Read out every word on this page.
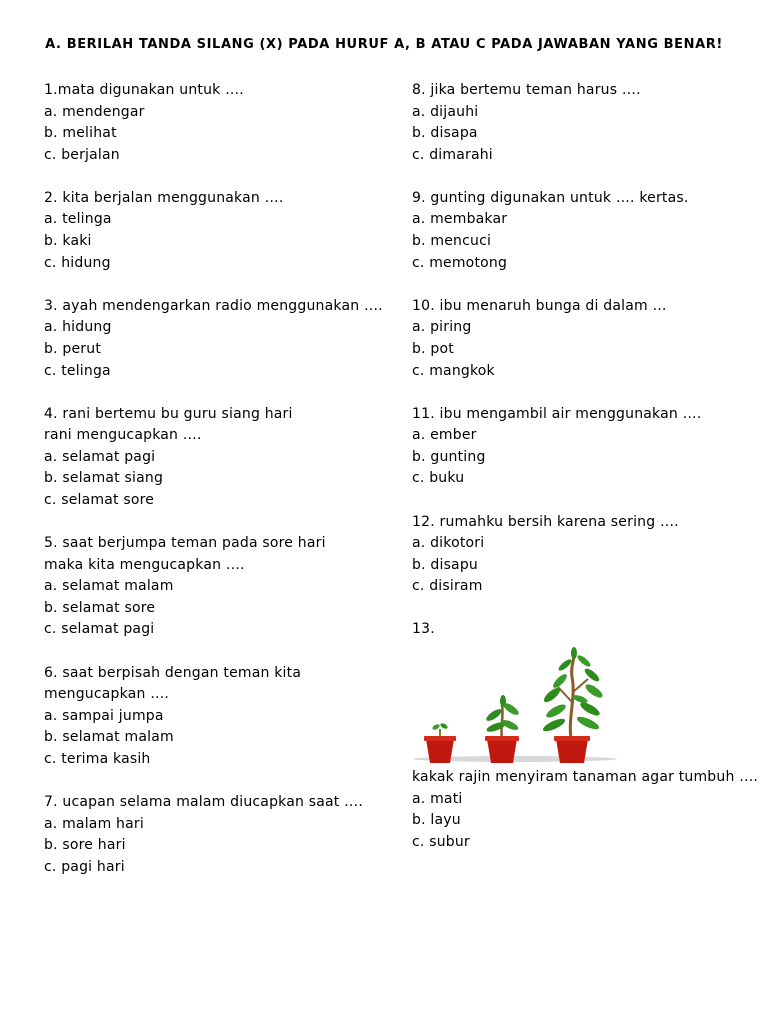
A. BERILAH TANDA SILANG (X) PADA HURUF A, B ATAU C PADA JAWABAN YANG BENAR!
1.mata digunakan untuk ….
a. mendengar
b. melihat
c. berjalan
2. kita berjalan menggunakan ….
a. telinga
b. kaki
c. hidung
3. ayah mendengarkan radio menggunakan ….
a. hidung
b. perut
c. telinga
4. rani bertemu bu guru siang hari
rani mengucapkan ….
a. selamat pagi
b. selamat siang
c. selamat sore
5. saat berjumpa teman pada sore hari
maka kita mengucapkan ….
a. selamat malam
b. selamat sore
c. selamat pagi
6. saat berpisah dengan teman kita
mengucapkan ….
a. sampai jumpa
b. selamat malam
c. terima kasih
7. ucapan selama malam diucapkan saat ….
a. malam hari
b. sore hari
c. pagi hari
8. jika bertemu teman harus ….
a. dijauhi
b. disapa
c. dimarahi
9. gunting digunakan untuk …. kertas.
a. membakar
b. mencuci
c. memotong
10. ibu menaruh bunga di dalam …
a. piring
b. pot
c. mangkok
11. ibu mengambil air menggunakan ….
a. ember
b. gunting
c. buku
12. rumahku bersih karena sering ….
a. dikotori
b. disapu
c. disiram
13.
kakak rajin menyiram tanaman agar tumbuh ….
a. mati
b. layu
c. subur
